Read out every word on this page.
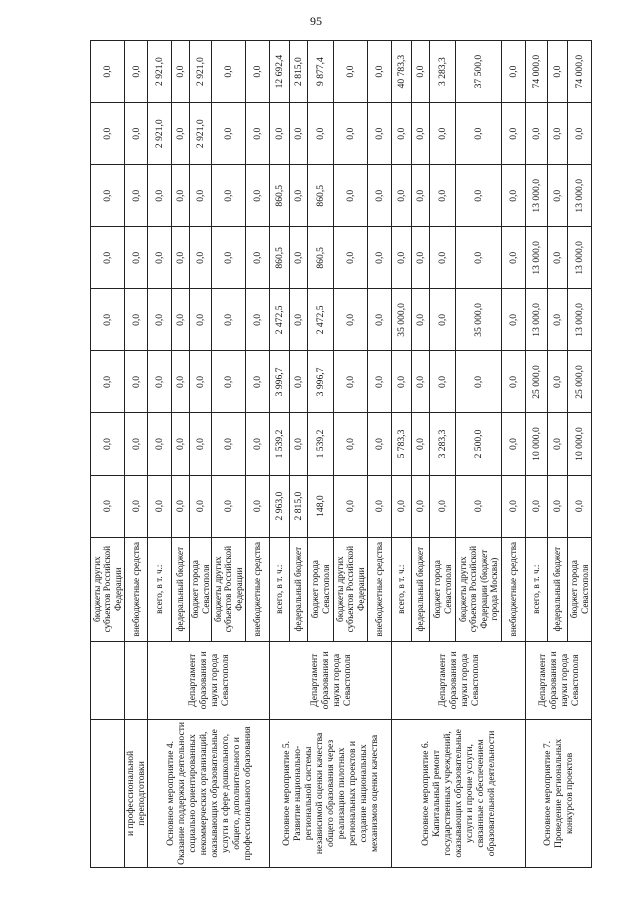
95
		бюджеты других субъектов Российской Федерации	0,0	0,0	0,0	0,0	0,0	0,0	0,0	0,0
и профессиональной переподготовки		внебюджетные средства	0,0	0,0	0,0	0,0	0,0	0,0	0,0	0,0
Основное мероприятие 4. Оказание поддержки деятельности социально ориентированных некоммерческих организаций, оказывающих образовательные услуги в сфере дошкольного, общего, дополнительного и профессионального образования	Департамент образования и науки города Севастополя	всего, в т. ч.:	0,0	0,0	0,0	0,0	0,0	0,0	2 921,0	2 921,0
		федеральный бюджет	0,0	0,0	0,0	0,0	0,0	0,0	0,0	0,0
		бюджет города Севастополя	0,0	0,0	0,0	0,0	0,0	0,0	2 921,0	2 921,0
		бюджеты других субъектов Российской Федерации	0,0	0,0	0,0	0,0	0,0	0,0	0,0	0,0
		внебюджетные средства	0,0	0,0	0,0	0,0	0,0	0,0	0,0	0,0
Основное мероприятие 5. Развитие национально-региональной системы независимой оценки качества общего образования через реализацию пилотных региональных проектов и создание национальных механизмов оценки качества	Департамент образования и науки города Севастополя	всего, в т. ч.:	2 963,0	1 539,2	3 996,7	2 472,5	860,5	860,5	0,0	12 692,4
		федеральный бюджет	2 815,0	0,0	0,0	0,0	0,0	0,0	0,0	2 815,0
		бюджет города Севастополя	148,0	1 539,2	3 996,7	2 472,5	860,5	860,5	0,0	9 877,4
		бюджеты других субъектов Российской Федерации	0,0	0,0	0,0	0,0	0,0	0,0	0,0	0,0
		внебюджетные средства	0,0	0,0	0,0	0,0	0,0	0,0	0,0	0,0
Основное мероприятие 6. Капитальный ремонт государственных учреждений, оказывающих образовательные услуги и прочие услуги, связанные с обеспечением образовательной деятельности	Департамент образования и науки города Севастополя	всего, в т. ч.:	0,0	5 783,3	0,0	35 000,0	0,0	0,0	0,0	40 783,3
		федеральный бюджет	0,0	0,0	0,0	0,0	0,0	0,0	0,0	0,0
		бюджет города Севастополя	0,0	3 283,3	0,0	0,0	0,0	0,0	0,0	3 283,3
		бюджеты других субъектов Российской Федерации (бюджет города Москвы)	0,0	2 500,0	0,0	35 000,0	0,0	0,0	0,0	37 500,0
		внебюджетные средства	0,0	0,0	0,0	0,0	0,0	0,0	0,0	0,0
Основное мероприятие 7. Проведение региональных конкурсов проектов	Департамент образования и науки города Севастополя	всего, в т. ч.:	0,0	10 000,0	25 000,0	13 000,0	13 000,0	13 000,0	0,0	74 000,0
		федеральный бюджет	0,0	0,0	0,0	0,0	0,0	0,0	0,0	0,0
		бюджет города Севастополя	0,0	10 000,0	25 000,0	13 000,0	13 000,0	13 000,0	0,0	74 000,0
